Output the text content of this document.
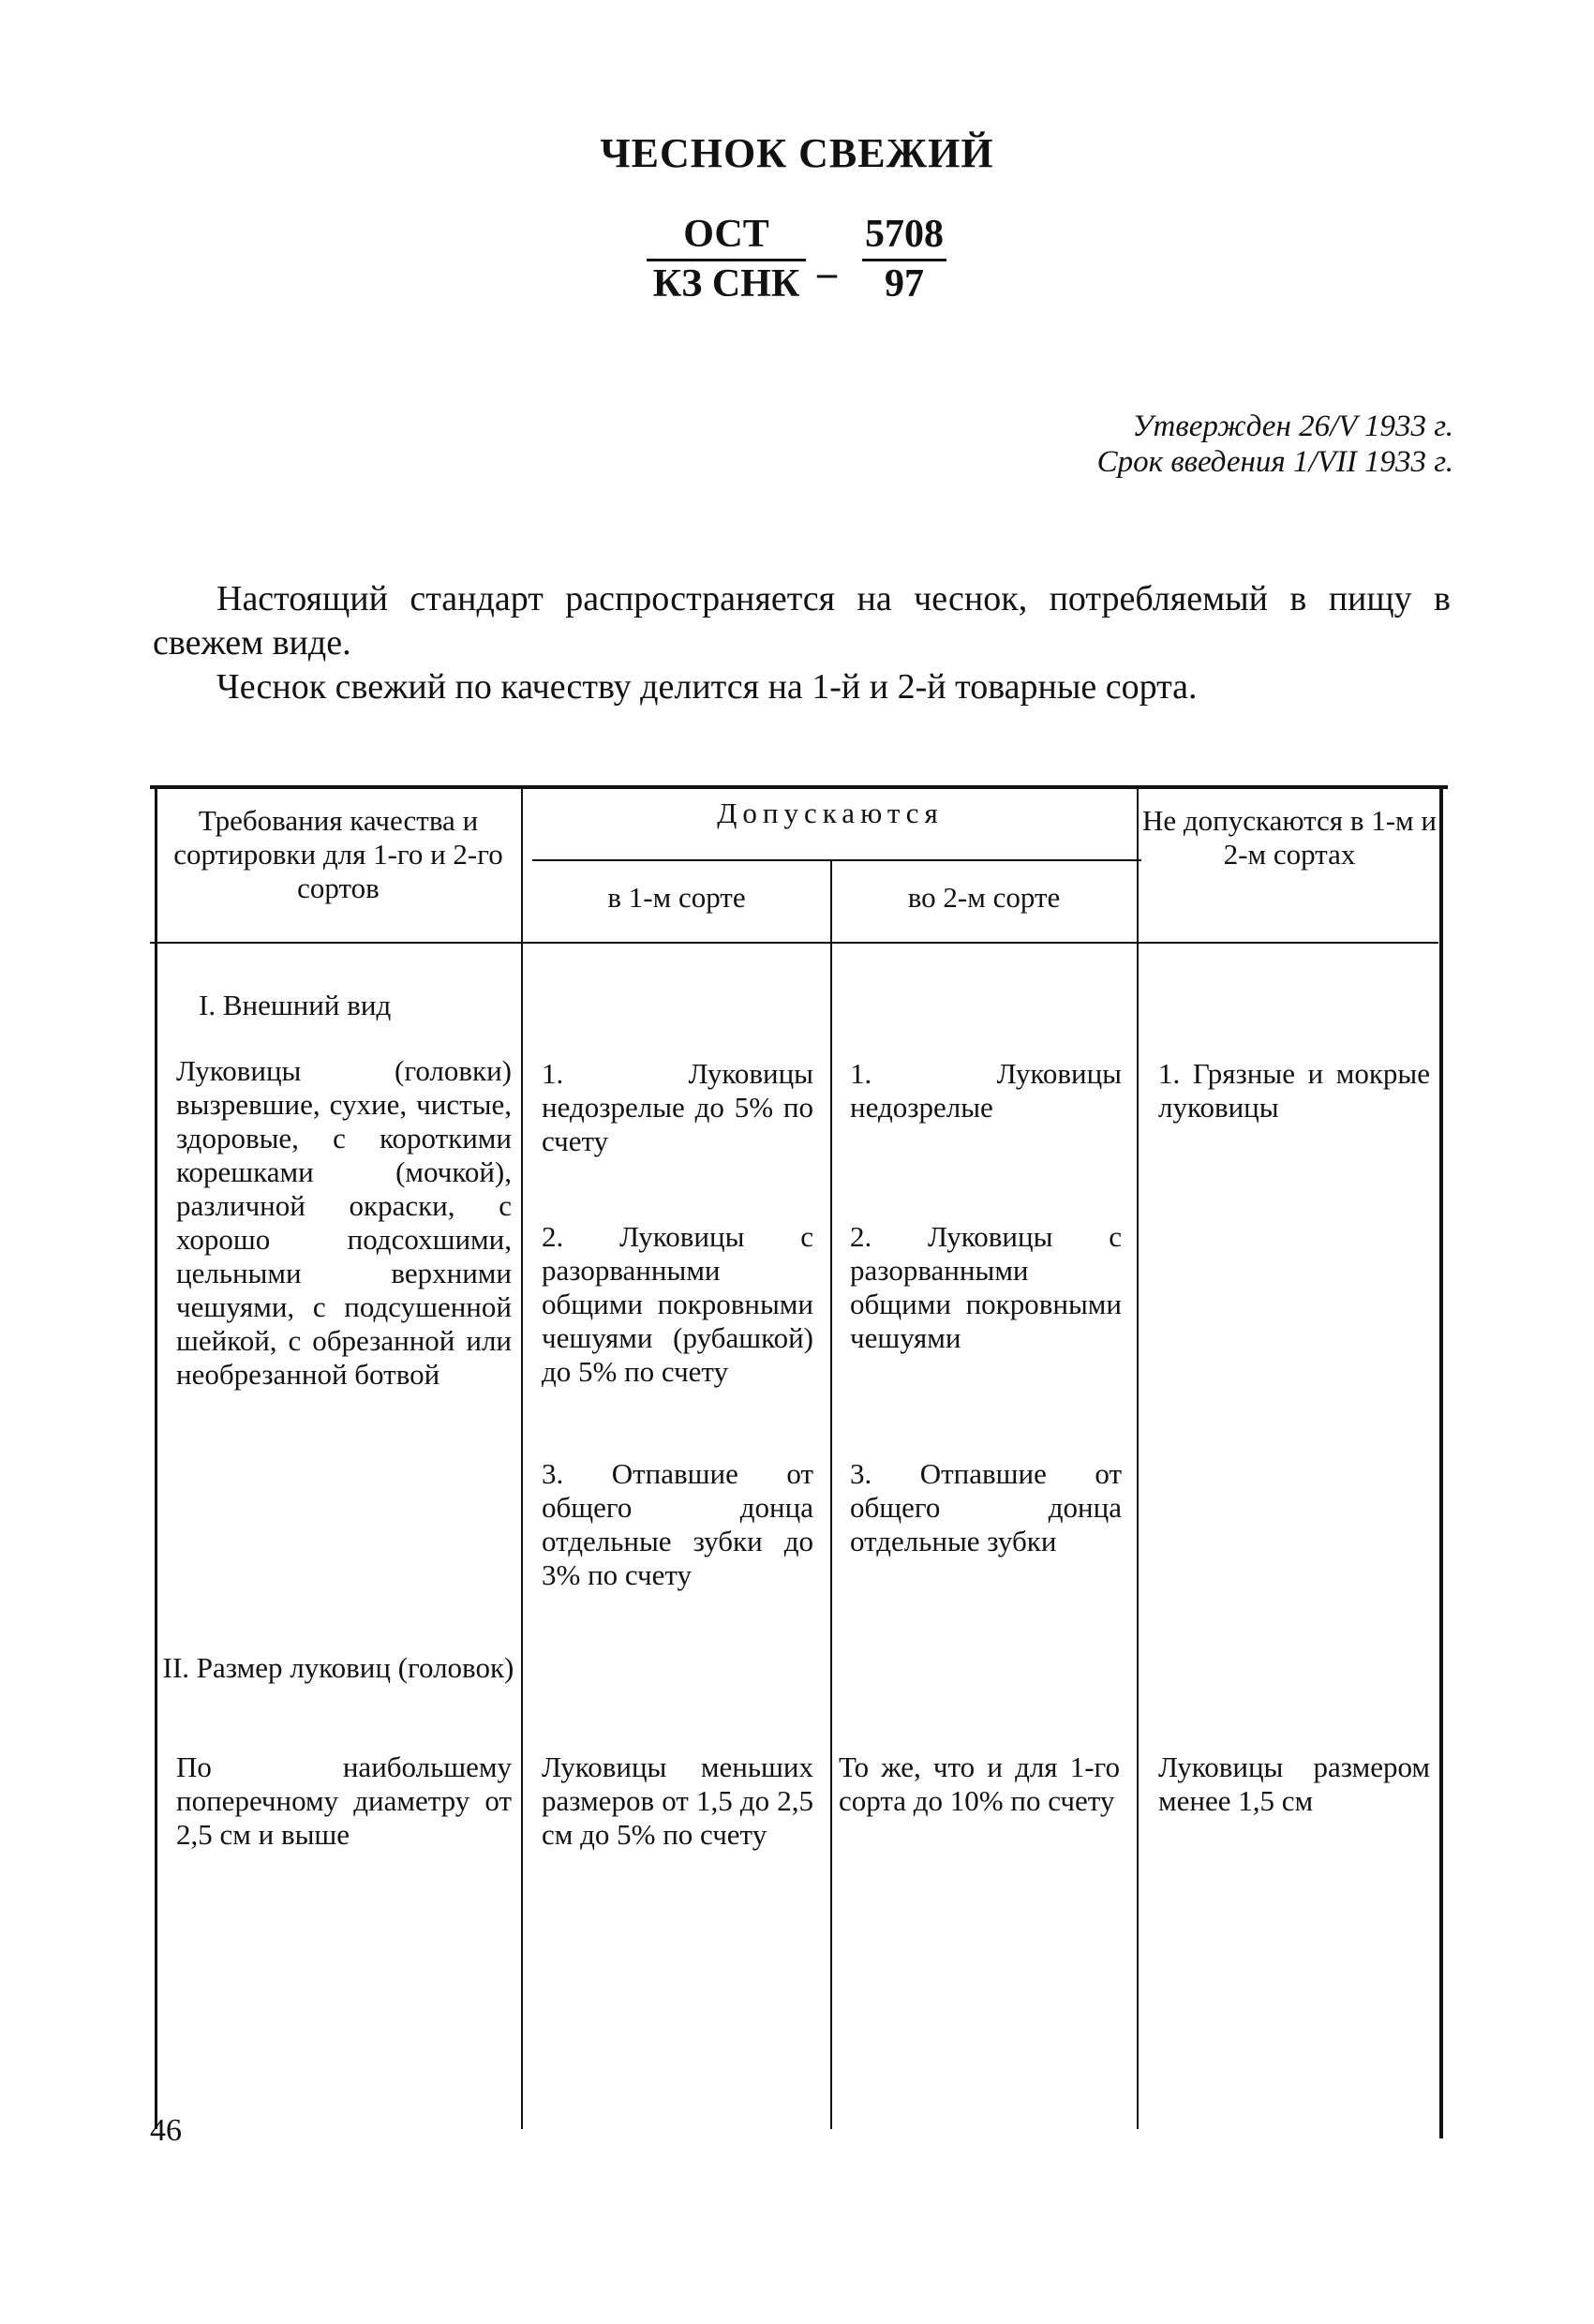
ЧЕСНОК СВЕЖИЙ
ОСТ
КЗ СНК – $\frac{5708}{97}$
Утвержден 26/V 1933 г.
Срок введения 1/VII 1933 г.

Настоящий стандарт распространяется на чеснок, потребляемый в пищу в свежем виде.

Чеснок свежий по качеству делится на 1-й и 2-й товарные сорта.

Требования качества и сортировки для 1-го и 2-го сортов
Допускаются
в 1-м сорте	во 2-м сорте
Не допускаются в 1-м и 2-м сортах
I. Внешний вид
Луковицы (головки) вызревшие, сухие, чистые, здоровые, с короткими корешками (мочкой), различной окраски, с хорошо подсохшими, цельными верхними чешуями, с подсушенной шейкой, с обрезанной или необрезанной ботвой
1. Луковицы недозрелые до 5% по счету
2. Луковицы с разорванными общими покровными чешуями (рубашкой) до 5% по счету
3. Отпавшие от общего донца отдельные зубки до 3% по счету
1. Луковицы недозрелые
2. Луковицы с разорванными общими покровными чешуями
3. Отпавшие от общего донца отдельные зубки
1. Грязные и мокрые луковицы
II. Размер луковиц (головок)
По наибольшему поперечному диаметру от 2,5 см и выше
Луковицы меньших размеров от 1,5 до 2,5 см до 5% по счету
То же, что и для 1-го сорта до 10% по счету
Луковицы размером менее 1,5 см
46
